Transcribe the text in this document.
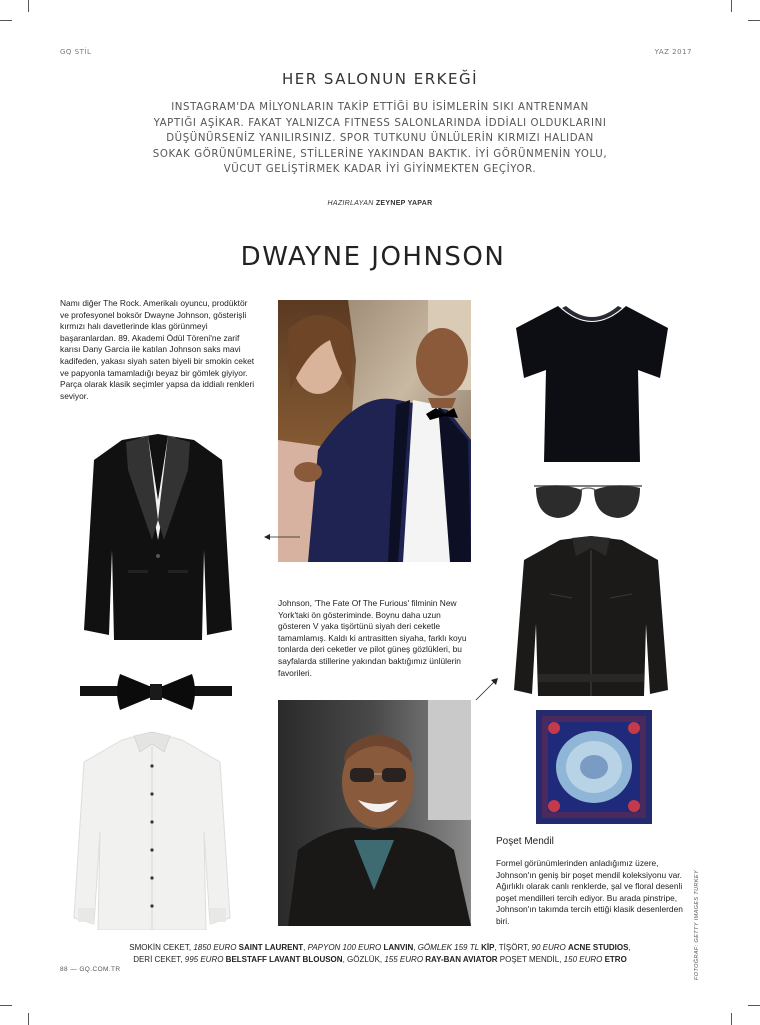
GQ STİL	YAZ 2017
HER SALONUN ERKEĞİ
INSTAGRAM'DA MİLYONLARIN TAKİP ETTİĞİ BU İSİMLERİN SIKI ANTRENMAN YAPTIĞI AŞİKAR. FAKAT YALNIZCA FITNESS SALONLARINDA İDDİALI OLDUKLARINI DÜŞÜNÜRSENİZ YANILIRSINIZ. SPOR TUTKUNU ÜNLÜLERİN KIRMIZI HALIDAN SOKAK GÖRÜNÜMLERİNE, STİLLERİNE YAKINDAN BAKTIK. İYİ GÖRÜNMENİN YOLU, VÜCUT GELİŞTİRMEK KADAR İYİ GİYİNMEKTEN GEÇİYOR.
HAZIRLAYAN ZEYNEP YAPAR
DWAYNE JOHNSON
Namı diğer The Rock. Amerikalı oyuncu, prodüktör ve profesyonel boksör Dwayne Johnson, gösterişli kırmızı halı davetlerinde klas görünmeyi başaranlardan. 89. Akademi Ödül Töreni'ne zarif karısı Dany Garcia ile katılan Johnson saks mavi kadifeden, yakası siyah saten biyeli bir smokin ceket ve papyonla tamamladığı beyaz bir gömlek giyiyor. Parça olarak klasik seçimler yapsa da iddialı renkleri seviyor.
Johnson, 'The Fate Of The Furious' filminin New York'taki ön gösteriminde. Boynu daha uzun gösteren V yaka tişörtünü siyah deri ceketle tamamlamış. Kaldı ki antrasitten siyaha, farklı koyu tonlarda deri ceketler ve pilot güneş gözlükleri, bu sayfalarda stillerine yakından baktığımız ünlülerin favorileri.
Poşet Mendil
Formel görünümlerinden anladığımız üzere, Johnson'ın geniş bir poşet mendil koleksiyonu var. Ağırlıklı olarak canlı renklerde, şal ve floral desenli poşet mendilleri tercih ediyor. Bu arada pinstripe, Johnson'ın takımda tercih ettiği klasik desenlerden biri.	FOTOĞRAF: GETTY IMAGES TURKEY
SMOKİN CEKET, 1850 EURO SAINT LAURENT, PAPYON 100 EURO LANVIN, GÖMLEK 159 TL KİP, TİŞÖRT, 90 EURO ACNE STUDIOS,
DERİ CEKET, 995 EURO BELSTAFF LAVANT BLOUSON, GÖZLÜK, 155 EURO RAY-BAN AVIATOR POŞET MENDİL, 150 EURO ETRO
88 — GQ.COM.TR
